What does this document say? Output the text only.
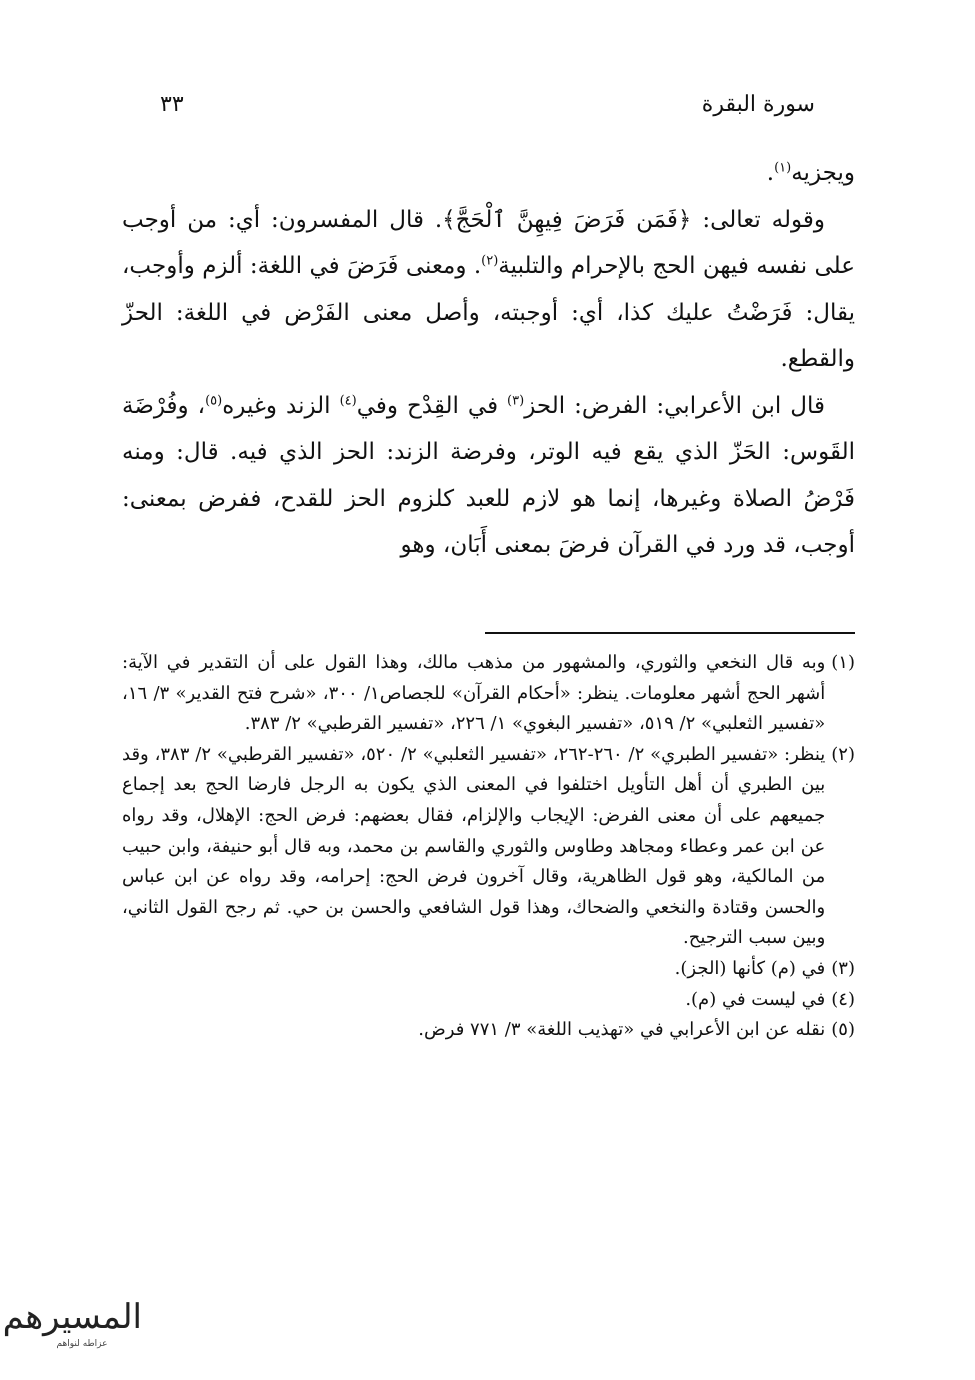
سورة البقرة
٣٣

ويجزيه$^{(١)}$.

وقوله تعالى: ﴿فَمَن فَرَضَ فِيهِنَّ ٱلْحَجَّ﴾. قال المفسرون: أي: من أوجب على نفسه فيهن الحج بالإحرام والتلبية$^{(٢)}$. ومعنى فَرَضَ في اللغة: ألزم وأوجب، يقال: فَرَضْتُ عليك كذا، أي: أوجبته، وأصل معنى الفَرْض في اللغة: الحزّ والقطع.

قال ابن الأعرابي: الفرض: الحز$^{(٣)}$ في القِدْح وفي$^{(٤)}$ الزند وغيره$^{(٥)}$، وفُرْضَة القَوس: الحَزّ الذي يقع فيه الوتر، وفرضة الزند: الحز الذي فيه. قال: ومنه فَرْضُ الصلاة وغيرها، إنما هو لازم للعبد كلزوم الحز للقدح، ففرض بمعنى: أوجب، قد ورد في القرآن فرضَ بمعنى أَبَان، وهو

(١)
وبه قال النخعي والثوري، والمشهور من مذهب مالك، وهذا القول على أن التقدير في الآية: أشهر الحج أشهر معلومات. ينظر: «أحكام القرآن» للجصاص١/ ٣٠٠، «شرح فتح القدير» ٣/ ١٦، «تفسير الثعلبي» ٢/ ٥١٩، «تفسير البغوي» ١/ ٢٢٦، «تفسير القرطبي» ٢/ ٣٨٣.
(٢)
ينظر: «تفسير الطبري» ٢/ ٢٦٠-٢٦٢، «تفسير الثعلبي» ٢/ ٥٢٠، «تفسير القرطبي» ٢/ ٣٨٣، وقد بين الطبري أن أهل التأويل اختلفوا في المعنى الذي يكون به الرجل فارضا الحج بعد إجماع جميعهم على أن معنى الفرض: الإيجاب والإلزام، فقال بعضهم: فرض الحج: الإهلال، وقد رواه عن ابن عمر وعطاء ومجاهد وطاوس والثوري والقاسم بن محمد، وبه قال أبو حنيفة، وابن حبيب من المالكية، وهو قول الظاهرية، وقال آخرون فرض الحج: إحرامه، وقد رواه عن ابن عباس والحسن وقتادة والنخعي والضحاك، وهذا قول الشافعي والحسن بن حي. ثم رجح القول الثاني، وبين سبب الترجيح.
(٣)
في (م) كأنها (الجز).
(٤)
في ليست في (م).
(٥)
نقله عن ابن الأعرابي في «تهذيب اللغة» ٣/ ٧٧١ فرض.
المسيرهم
عزاطه لنواهم
